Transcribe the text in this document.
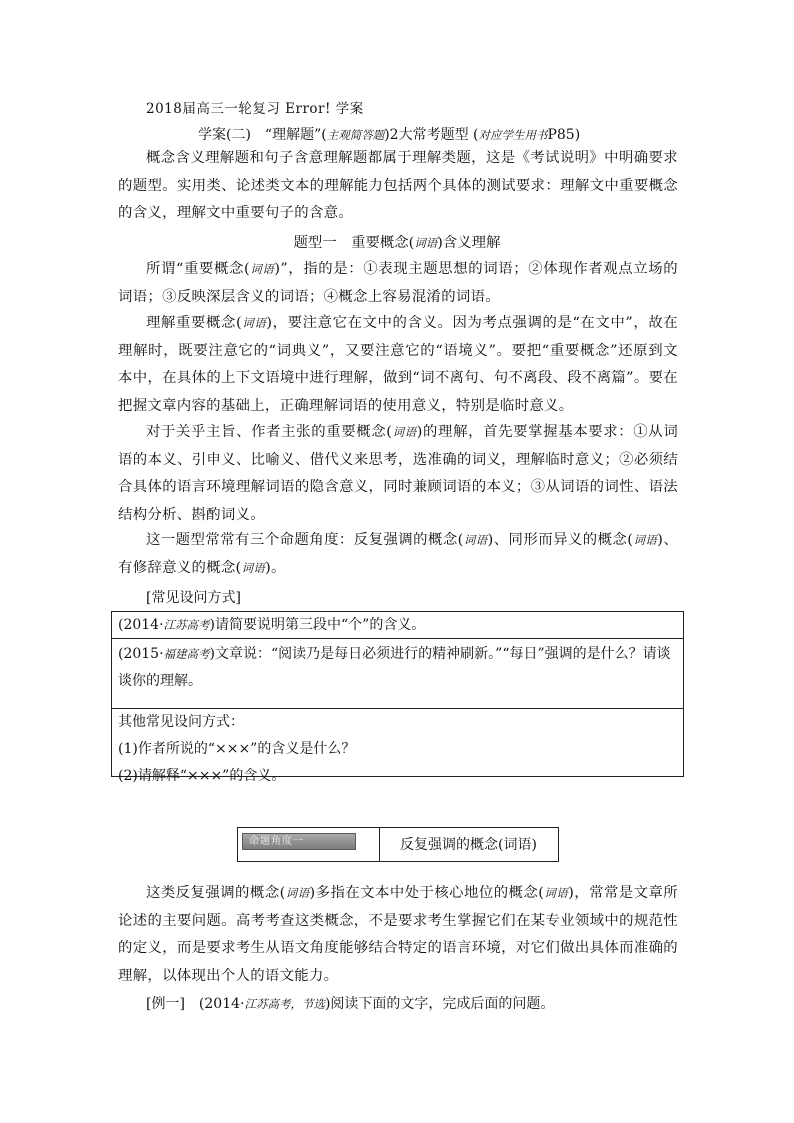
2018届高三一轮复习 Error! 学案
学案(二)　“理解题”(主观简答题)2大常考题型 (对应学生用书P85)
概念含义理解题和句子含意理解题都属于理解类题，这是《考试说明》中明确要求的题型。实用类、论述类文本的理解能力包括两个具体的测试要求：理解文中重要概念的含义，理解文中重要句子的含意。
题型一　重要概念(词语)含义理解
所谓“重要概念(词语)”，指的是：①表现主题思想的词语；②体现作者观点立场的词语；③反映深层含义的词语；④概念上容易混淆的词语。
理解重要概念(词语)，要注意它在文中的含义。因为考点强调的是“在文中”，故在理解时，既要注意它的“词典义”，又要注意它的“语境义”。要把“重要概念”还原到文本中，在具体的上下文语境中进行理解，做到“词不离句、句不离段、段不离篇”。要在把握文章内容的基础上，正确理解词语的使用意义，特别是临时意义。
对于关乎主旨、作者主张的重要概念(词语)的理解，首先要掌握基本要求：①从词语的本义、引申义、比喻义、借代义来思考，选准确的词义，理解临时意义；②必须结合具体的语言环境理解词语的隐含意义，同时兼顾词语的本义；③从词语的词性、语法结构分析、斟酌词义。
这一题型常常有三个命题角度：反复强调的概念(词语)、同形而异义的概念(词语)、有修辞意义的概念(词语)。
[常见设问方式]
(2014·江苏高考)请简要说明第三段中“个”的含义。
(2015·福建高考)文章说：“阅读乃是每日必须进行的精神刷新。”“每日”强调的是什么？请谈谈你的理解。
其他常见设问方式：
(1)作者所说的“×××”的含义是什么？
(2)请解释“×××”的含义。
命题角度一	反复强调的概念(词语)
这类反复强调的概念(词语)多指在文本中处于核心地位的概念(词语)，常常是文章所论述的主要问题。高考考查这类概念，不是要求考生掌握它们在某专业领域中的规范性的定义，而是要求考生从语文角度能够结合特定的语言环境，对它们做出具体而准确的理解，以体现出个人的语文能力。
[例一]　(2014·江苏高考，节选)阅读下面的文字，完成后面的问题。
